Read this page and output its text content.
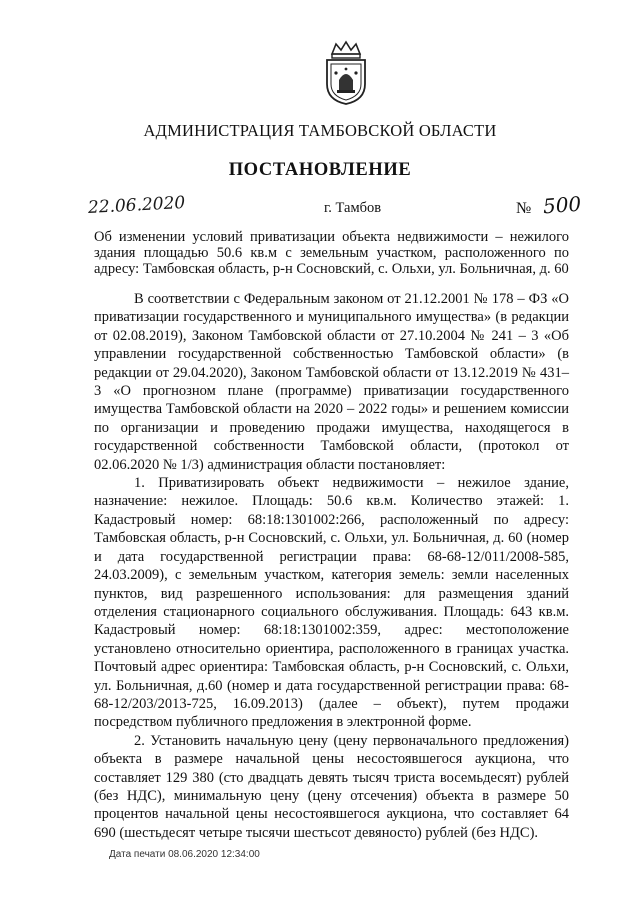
АДМИНИСТРАЦИЯ ТАМБОВСКОЙ ОБЛАСТИ
ПОСТАНОВЛЕНИЕ
22.06.2020	г. Тамбов	№ 500
Об изменении условий приватизации объекта недвижимости – нежилого здания площадью 50.6 кв.м с земельным участком, расположенного по адресу: Тамбовская область, р-н Сосновский, с. Ольхи, ул. Больничная, д. 60

В соответствии с Федеральным законом от 21.12.2001 № 178 – ФЗ «О приватизации государственного и муниципального имущества» (в редакции от 02.08.2019), Законом Тамбовской области от 27.10.2004 № 241 – 3 «Об управлении государственной собственностью Тамбовской области» (в редакции от 29.04.2020), Законом Тамбовской области от 13.12.2019 № 431–3 «О прогнозном плане (программе) приватизации государственного имущества Тамбовской области на 2020 – 2022 годы» и решением комиссии по организации и проведению продажи имущества, находящегося в государственной собственности Тамбовской области, (протокол от 02.06.2020 № 1/3) администрация области постановляет:

1. Приватизировать объект недвижимости – нежилое здание, назначение: нежилое. Площадь: 50.6 кв.м. Количество этажей: 1. Кадастровый номер: 68:18:1301002:266, расположенный по адресу: Тамбовская область, р-н Сосновский, с. Ольхи, ул. Больничная, д. 60 (номер и дата государственной регистрации права: 68-68-12/011/2008-585, 24.03.2009), с земельным участком, категория земель: земли населенных пунктов, вид разрешенного использования: для размещения зданий отделения стационарного социального обслуживания. Площадь: 643 кв.м. Кадастровый номер: 68:18:1301002:359, адрес: местоположение установлено относительно ориентира, расположенного в границах участка. Почтовый адрес ориентира: Тамбовская область, р-н Сосновский, с. Ольхи, ул. Больничная, д.60 (номер и дата государственной регистрации права: 68-68-12/203/2013-725, 16.09.2013) (далее – объект), путем продажи посредством публичного предложения в электронной форме.

2. Установить начальную цену (цену первоначального предложения) объекта в размере начальной цены несостоявшегося аукциона, что составляет 129 380 (сто двадцать девять тысяч триста восемьдесят) рублей (без НДС), минимальную цену (цену отсечения) объекта в размере 50 процентов начальной цены несостоявшегося аукциона, что составляет 64 690 (шестьдесят четыре тысячи шестьсот девяносто) рублей (без НДС).

Дата печати 08.06.2020 12:34:00
